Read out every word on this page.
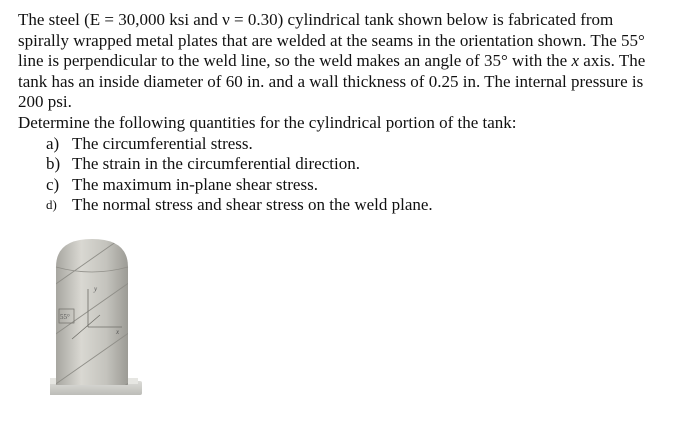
The steel (E = 30,000 ksi and ν = 0.30) cylindrical tank shown below is fabricated from
spirally wrapped metal plates that are welded at the seams in the orientation shown. The 55°
line is perpendicular to the weld line, so the weld makes an angle of 35° with the x axis. The
tank has an inside diameter of 60 in. and a wall thickness of 0.25 in. The internal pressure is
200 psi.
Determine the following quantities for the cylindrical portion of the tank:
a) The circumferential stress.
b) The strain in the circumferential direction.
c) The maximum in-plane shear stress.
d) The normal stress and shear stress on the weld plane.
55°
y
x
